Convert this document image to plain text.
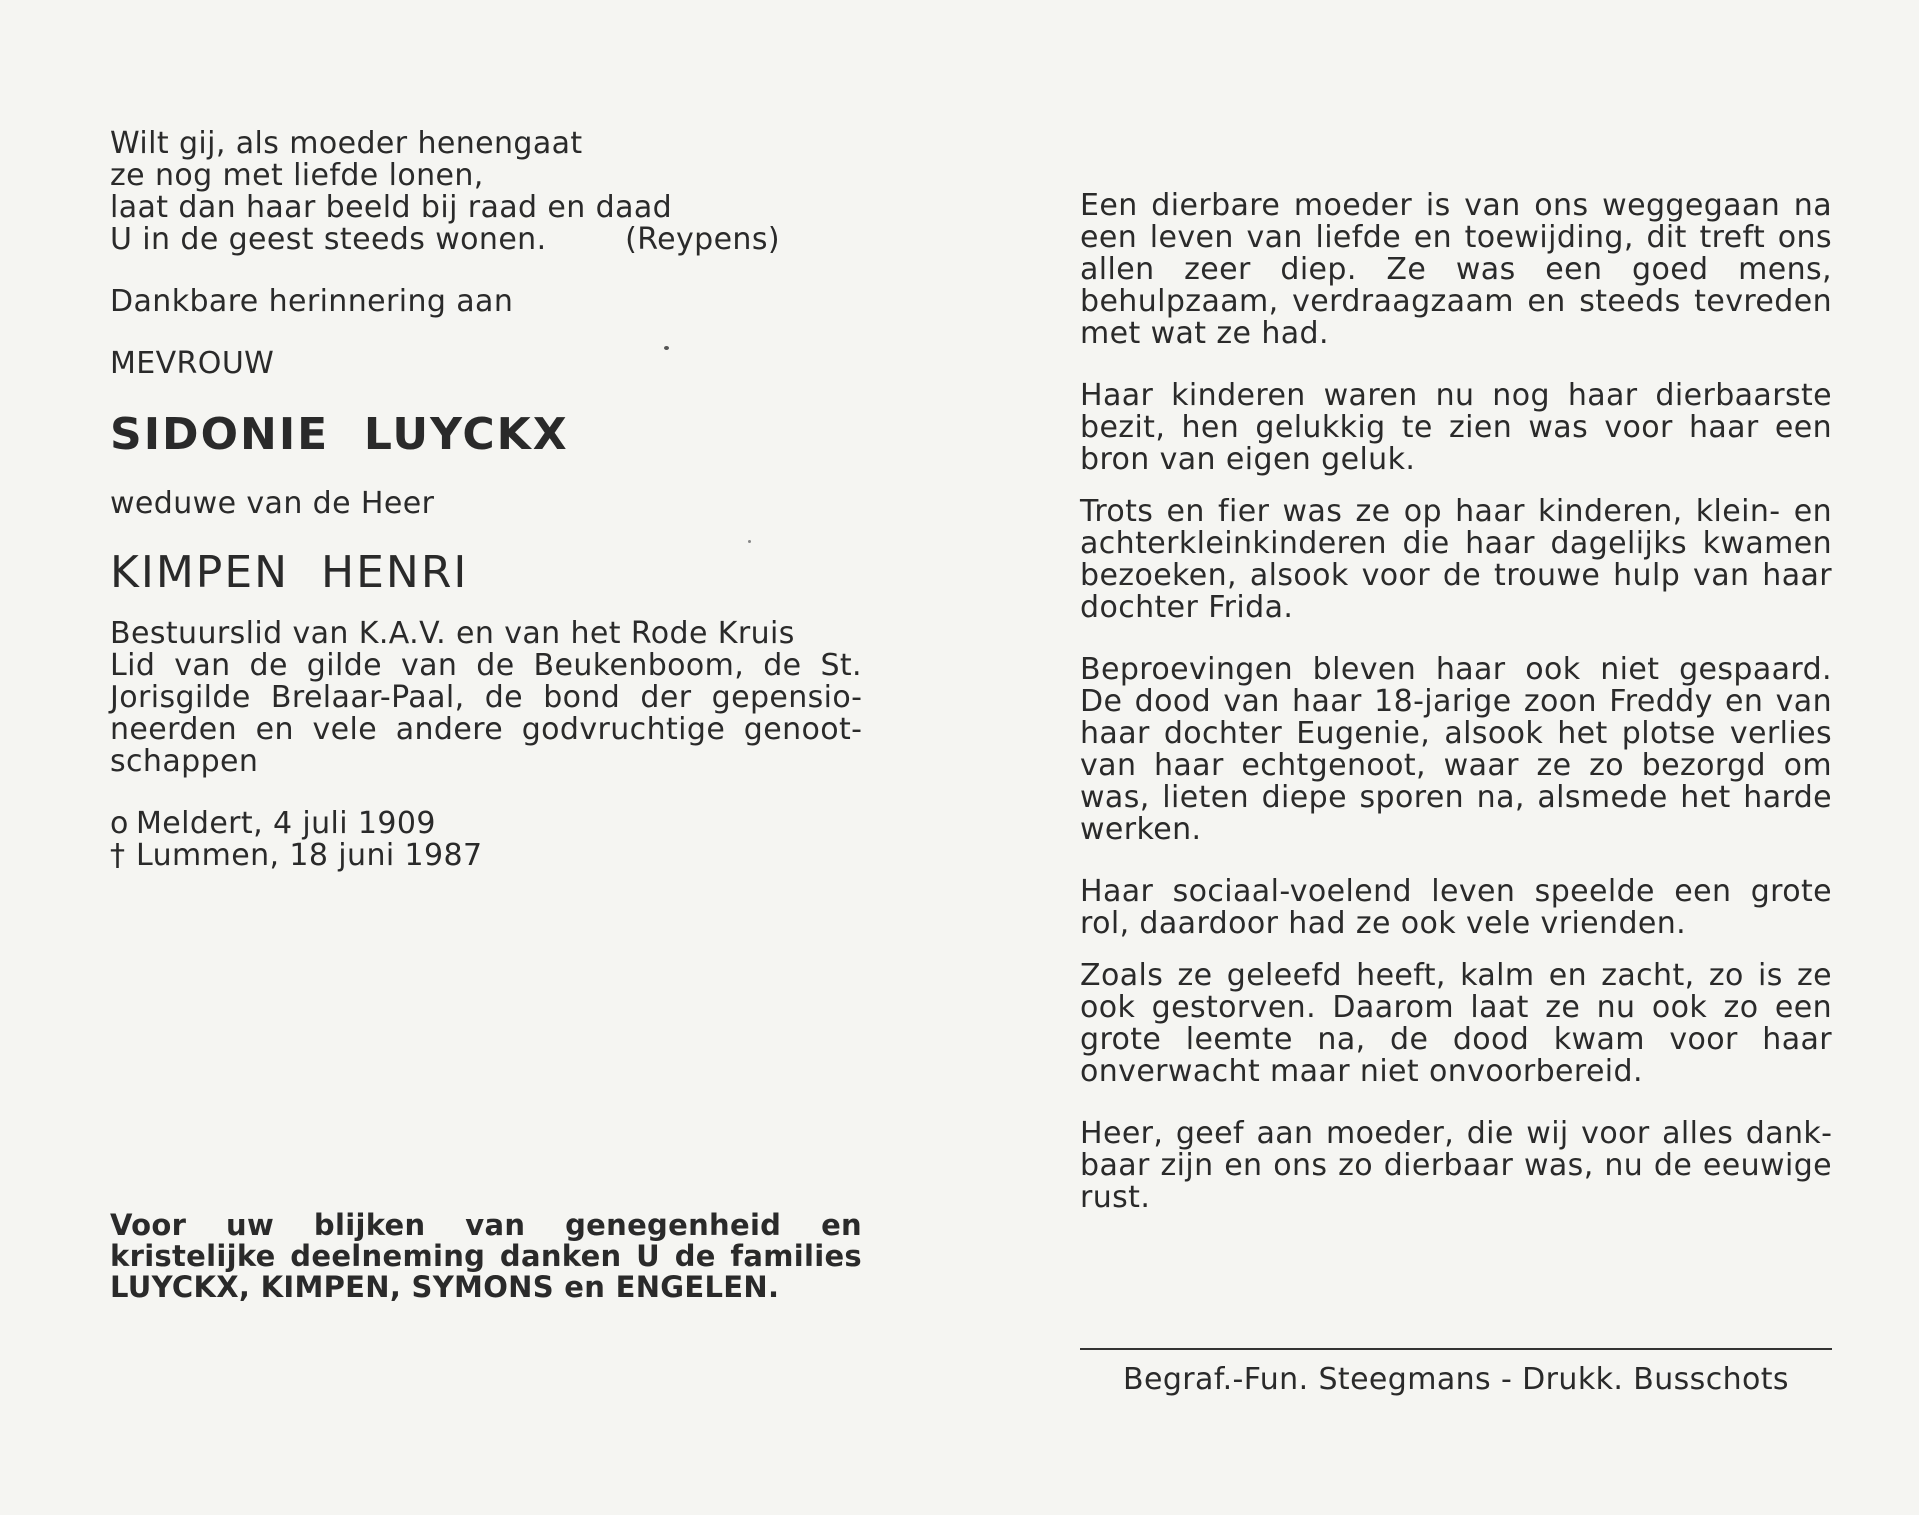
Wilt gij, als moeder henengaat
ze nog met liefde lonen,
laat dan haar beeld bij raad en daad
U in de geest steeds wonen.	(Reypens)
Dankbare herinnering aan
MEVROUW
SIDONIE  LUYCKX
weduwe van de Heer
KIMPEN  HENRI
Bestuurslid van K.A.V. en van het Rode Kruis
Lid van de gilde van de Beukenboom, de St. Jorisgilde Brelaar-Paal, de bond der gepensioneerden en vele andere godvruchtige genootschappen
o Meldert, 4 juli 1909
† Lummen, 18 juni 1987
Voor uw blijken van genegenheid en kristelijke deelneming danken U de families LUYCKX, KIMPEN, SYMONS en ENGELEN.
Een dierbare moeder is van ons weggegaan na een leven van liefde en toewijding, dit treft ons allen zeer diep. Ze was een goed mens, behulpzaam, verdraagzaam en steeds tevreden met wat ze had.
Haar kinderen waren nu nog haar dierbaarste bezit, hen gelukkig te zien was voor haar een bron van eigen geluk.
Trots en fier was ze op haar kinderen, klein- en achterkleinkinderen die haar dagelijks kwamen bezoeken, alsook voor de trouwe hulp van haar dochter Frida.
Beproevingen bleven haar ook niet gespaard. De dood van haar 18-jarige zoon Freddy en van haar dochter Eugenie, alsook het plotse verlies van haar echtgenoot, waar ze zo bezorgd om was, lieten diepe sporen na, alsmede het harde werken.
Haar sociaal-voelend leven speelde een grote rol, daardoor had ze ook vele vrienden.
Zoals ze geleefd heeft, kalm en zacht, zo is ze ook gestorven. Daarom laat ze nu ook zo een grote leemte na, de dood kwam voor haar onverwacht maar niet onvoorbereid.
Heer, geef aan moeder, die wij voor alles dankbaar zijn en ons zo dierbaar was, nu de eeuwige rust.
Begraf.-Fun. Steegmans - Drukk. Busschots
